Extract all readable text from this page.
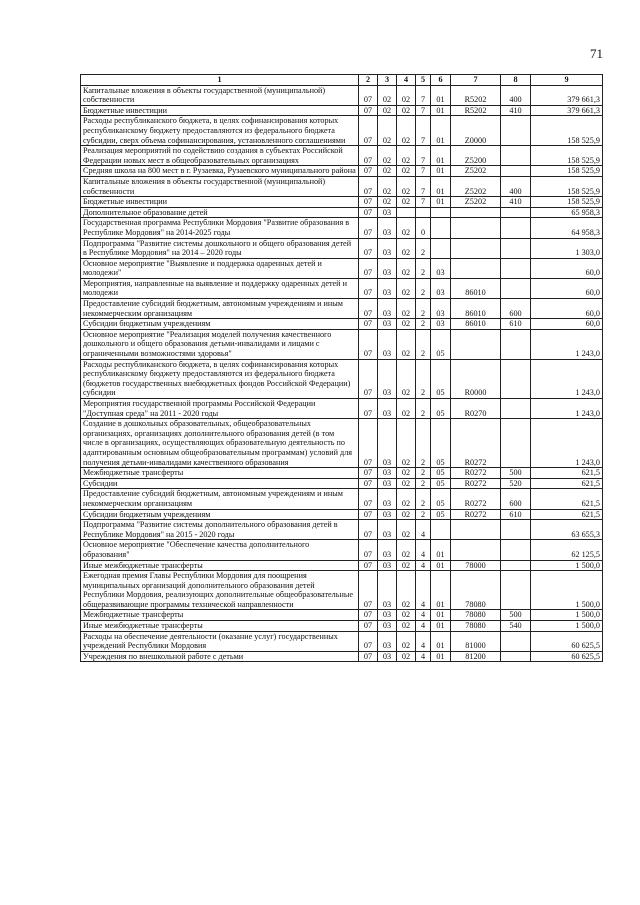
71
1	2	3	4	5	6	7	8	9
Капитальные вложения в объекты государственной (муниципальной) собственности	07	02	02	7	01	R5202	400	379 661,3
Бюджетные инвестиции	07	02	02	7	01	R5202	410	379 661,3
Расходы республиканского бюджета, в целях софинансирования которых республиканскому бюджету предоставляются из федерального бюджета субсидии, сверх объема софинансирования, установленного соглашениями	07	02	02	7	01	Z0000		158 525,9
Реализация мероприятий по содействию создания в субъектах Российской Федерации новых мест в общеобразовательных организациях	07	02	02	7	01	Z5200		158 525,9
Средняя школа на 800 мест в г. Рузаевка, Рузаевского муниципального района	07	02	02	7	01	Z5202		158 525,9
Капитальные вложения в объекты государственной (муниципальной) собственности	07	02	02	7	01	Z5202	400	158 525,9
Бюджетные инвестиции	07	02	02	7	01	Z5202	410	158 525,9
Дополнительное образование детей	07	03						65 958,3
Государственная программа Республики Мордовия "Развитие образования в Республике Мордовия" на 2014-2025 годы	07	03	02	0				64 958,3
Подпрограмма "Развитие системы дошкольного и общего образования детей в Республике Мордовия" на 2014 – 2020 годы	07	03	02	2				1 303,0
Основное мероприятие "Выявление и поддержка одаренных детей и молодежи"	07	03	02	2	03			60,0
Мероприятия, направленные на выявление и поддержку одаренных детей и молодежи	07	03	02	2	03	86010		60,0
Предоставление субсидий бюджетным, автономным учреждениям и иным некоммерческим организациям	07	03	02	2	03	86010	600	60,0
Субсидии бюджетным учреждениям	07	03	02	2	03	86010	610	60,0
Основное мероприятие "Реализация моделей получения качественного дошкольного и общего образования детьми-инвалидами и лицами с ограниченными возможностями здоровья"	07	03	02	2	05			1 243,0
Расходы республиканского бюджета, в целях софинансирования которых республиканскому бюджету предоставляются из федерального бюджета (бюджетов государственных внебюджетных фондов Российской Федерации) субсидии	07	03	02	2	05	R0000		1 243,0
Мероприятия государственной программы Российской Федерации "Доступная среда" на 2011 - 2020 годы	07	03	02	2	05	R0270		1 243,0
Создание в дошкольных образовательных, общеобразовательных организациях, организациях дополнительного образования детей (в том числе в организациях, осуществляющих образовательную деятельность по адаптированным основным общеобразовательным программам) условий для получения детьми-инвалидами качественного образования	07	03	02	2	05	R0272		1 243,0
Межбюджетные трансферты	07	03	02	2	05	R0272	500	621,5
Субсидии	07	03	02	2	05	R0272	520	621,5
Предоставление субсидий бюджетным, автономным учреждениям и иным некоммерческим организациям	07	03	02	2	05	R0272	600	621,5
Субсидии бюджетным учреждениям	07	03	02	2	05	R0272	610	621,5
Подпрограмма "Развитие системы дополнительного образования детей в Республике Мордовия" на 2015 - 2020 годы	07	03	02	4				63 655,3
Основное мероприятие "Обеспечение качества дополнительного образования"	07	03	02	4	01			62 125,5
Иные межбюджетные трансферты	07	03	02	4	01	78000		1 500,0
Ежегодная премия Главы Республики Мордовия для поощрения муниципальных организаций дополнительного образования детей Республики Мордовия, реализующих дополнительные общеобразовательные общеразвивающие программы технической направленности	07	03	02	4	01	78080		1 500,0
Межбюджетные трансферты	07	03	02	4	01	78080	500	1 500,0
Иные межбюджетные трансферты	07	03	02	4	01	78080	540	1 500,0
Расходы на обеспечение деятельности (оказание услуг) государственных учреждений Республики Мордовия	07	03	02	4	01	81000		60 625,5
Учреждения по внешкольной работе с детьми	07	03	02	4	01	81200		60 625,5
